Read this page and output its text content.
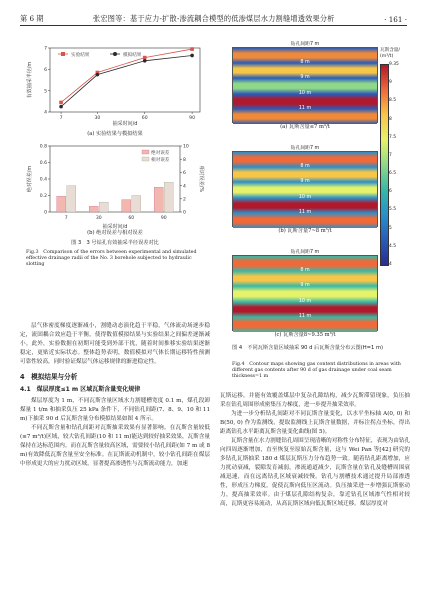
第 6 期	张宏图等：基于应力-扩散-渗流耦合模型的低渗煤层水力割缝增透效果分析	· 161 ·
有效抽采半径/m
抽采时间/d
4
5
6
7
7	30	60	90
实验结果	模拟结果
(a) 实验结果与模拟结果
绝对误差/m	相对误差/%
抽采时间/d
0
0.2
0.4
0.6
0.8
0
2
4
6
8
10
7	30	60	90
绝对误差
相对误差
(b) 绝对误差与相对误差
图 3　3 号钻孔有效抽采半径误差对比
Fig.3　Comparison of the errors between experimental and simulated effective drainage radii of the No. 3 borehole subjected to hydraulic slotting

层气体密度梯度逐渐减小，割缝动态演化趋于平稳，气体流动场逐步稳定，流固耦合效应趋于平衡，使得数值模拟结果与实验结果之间偏差逐渐减小。此外，实验数据在初期可能受到外部干扰，随着时间推移实验结果逐渐稳定，更贴近实际状态。整体趋势表明，数值模拟对气体长期运移特性预测可靠性较高，同时验证煤层气体运移规律的渐进稳定性。

4　模拟结果与分析
4.1　煤层厚度≤1 m 区域瓦斯含量变化规律

煤层厚度为 1 m，不同瓦斯含量区域水力割缝槽宽度 0.1 m，煤孔段卸煤量 1 t/m 和抽采负压 25 kPa 条件下，不同钻孔间距(7、8、9、10 和 11 m)下抽采 90 d 后瓦斯含量分布模拟结果如图 4 所示。

不同瓦斯含量和钻孔间距对瓦斯抽采效果有显著影响。在瓦斯含量较低(≤7 m³/t)区域，较大钻孔间距(10 和 11 m)能达到较好抽采效果，瓦斯含量保持在达标范围内。而在瓦斯含量较高区域，需要较小钻孔间距(如 7 m 或 8 m)有效降低瓦斯含量至安全标准。在瓦斯流动机制中，较小钻孔间距在煤层中形成更大的应力扰动区域，显著提高渗透性与瓦斯流动能力，加速

钻孔间距7 m
8 m
9 m
10 m
11 m
(a) 瓦斯含量≤7 m³/t
钻孔间距7 m
8 m
9 m
10 m
11 m
(b) 瓦斯含量7~8 m³/t
钻孔间距7 m
8 m
9 m
10 m
11 m
(c) 瓦斯含量8~9.35 m³/t
瓦斯含量/
(m³/t)
9.35
9
8.5
8
7.5
7
6.5
6
5.5
5
4.5
4
图 4　不同瓦斯含量区域抽采 90 d 后瓦斯含量分布云图(H=1 m)
Fig.4　Contour maps showing gas content distributions in areas with different gas contents after 90 d of gas drainage under coal seam thickness=1 m

瓦斯运移，并能有效覆盖煤层中复杂孔隙结构，减少瓦斯滞留现象，负压抽采在钻孔周围形成密集压力梯度，进一步提升抽采效率。

为进一步分析钻孔间距对不同瓦斯含量变化，以水平坐标轴 A(0, 0) 和 B(50, 0) 作为监测线，提取监测线上瓦斯含量数据，并标注拐点坐标，得出距离钻孔水平距离瓦斯含量变化曲线(图 5)。

瓦斯含量在水力割缝钻孔周围呈现清晰的对称性分布特征，表现为由钻孔向四周逐渐增加，直至恢复至原始瓦斯含量，这与 Wei Pan 等[42] 研究的多钻孔瓦斯抽采 180 d 煤层瓦斯压力分布趋势一致。随着钻孔距离增加，应力扰动衰减，裂隙发育减弱，渗流通道减少，瓦斯含量在钻孔及缝槽周围衰减迅速，而在远离钻孔区域衰减较慢。钻孔与割槽技术通过提升局部渗透性，形成压力梯度，促使瓦斯向低压区流动。负压抽采进一步增强瓦斯驱动力，提高抽采效率。由于煤层孔隙结构复杂，靠近钻孔区域渗气性相对较高，瓦斯更容易流动，从高瓦斯区域向低瓦斯区域迁移。煤层厚度对
